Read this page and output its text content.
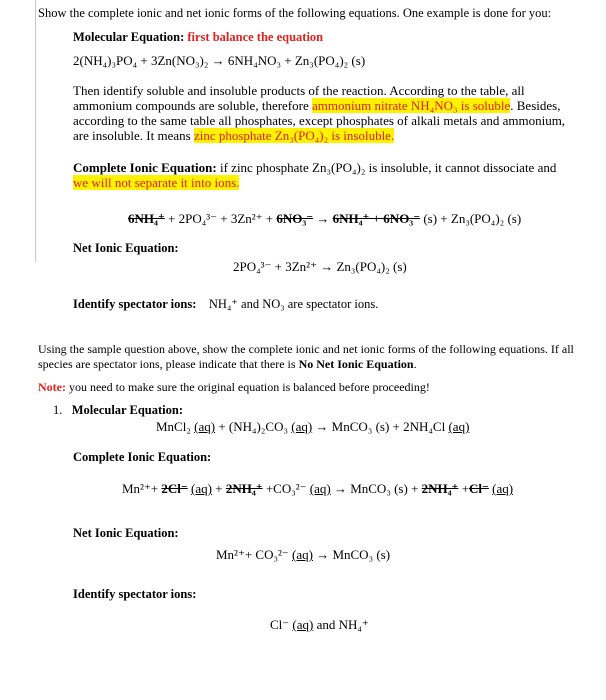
Show the complete ionic and net ionic forms of the following equations. One example is done for you:
Molecular Equation: first balance the equation
2(NH₄)₃PO₄ + 3Zn(NO₃)₂ → 6NH₄NO₃ + Zn₃(PO₄)₂ (s)
Then identify soluble and insoluble products of the reaction. According to the table, all ammonium compounds are soluble, therefore ammonium nitrate NH₄NO₃ is soluble. Besides, according to the same table all phosphates, except phosphates of alkali metals and ammonium, are insoluble. It means zinc phosphate Zn₃(PO₄)₂ is insoluble.
Complete Ionic Equation: if zinc phosphate Zn₃(PO₄)₂ is insoluble, it cannot dissociate and we will not separate it into ions.
6NH₄⁺ + 2PO₄³⁻ + 3Zn²⁺ + 6NO₃⁻ → 6NH₄⁺ + 6NO₃⁻ (s) + Zn₃(PO₄)₂ (s)
Net Ionic Equation:
2PO₄³⁻ + 3Zn²⁺ → Zn₃(PO₄)₂ (s)
Identify spectator ions: NH₄⁺ and NO₃ are spectator ions.
Using the sample question above, show the complete ionic and net ionic forms of the following equations. If all species are spectator ions, please indicate that there is No Net Ionic Equation.
Note: you need to make sure the original equation is balanced before proceeding!
1. Molecular Equation:
MnCl₂ (aq) + (NH₄)₂CO₃ (aq) → MnCO₃ (s) + 2NH₄Cl (aq)
Complete Ionic Equation:
Mn²⁺+ 2Cl⁻ (aq) + 2NH₄⁺ +CO₃²⁻ (aq) → MnCO₃ (s) + 2NH₄⁺ +Cl⁻ (aq)
Net Ionic Equation:
Mn²⁺+ CO₃²⁻ (aq) → MnCO₃ (s)
Identify spectator ions:
Cl⁻ (aq) and NH₄⁺
